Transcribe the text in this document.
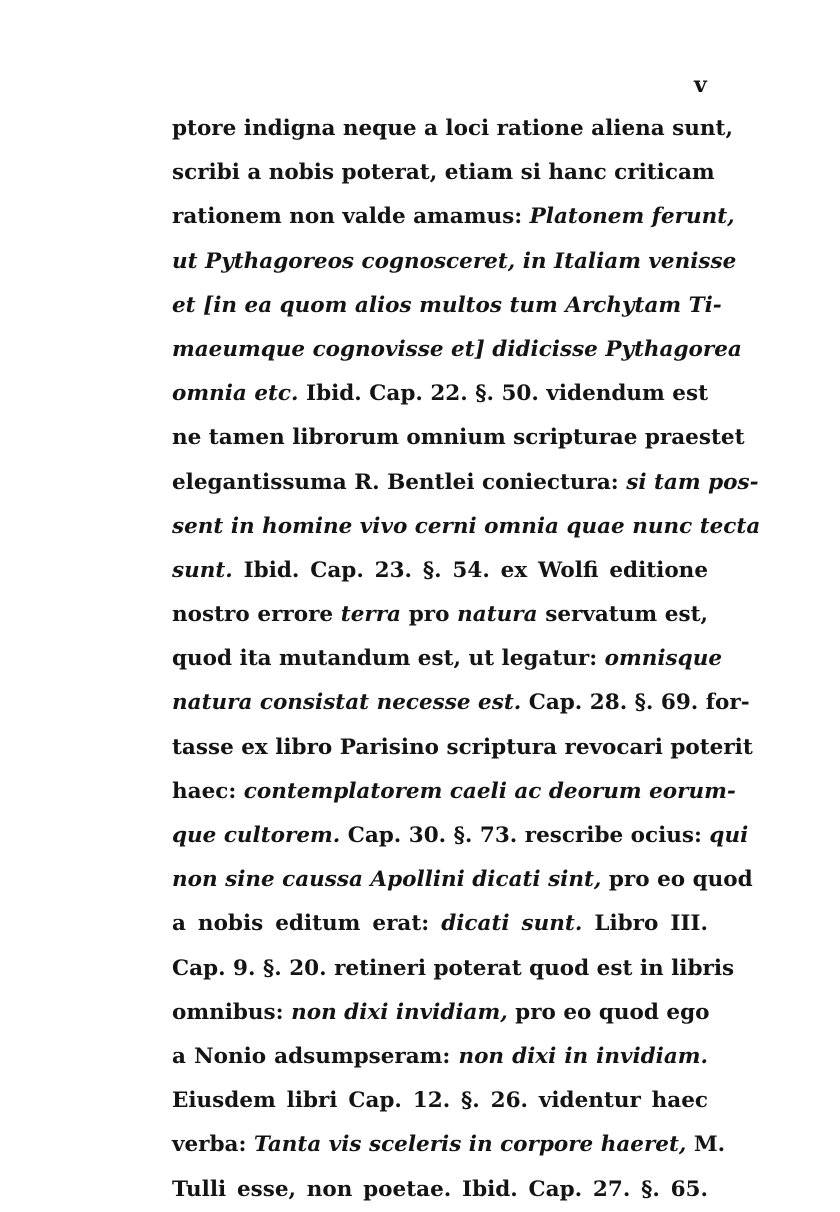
v
ptore indigna neque a loci ratione aliena sunt,
scribi a nobis poterat, etiam si hanc criticam
rationem non valde amamus: Platonem ferunt,
ut Pythagoreos cognosceret, in Italiam venisse
et [in ea quom alios multos tum Archytam Ti-
maeumque cognovisse et] didicisse Pythagorea
omnia etc. Ibid. Cap. 22. §. 50. videndum est
ne tamen librorum omnium scripturae praestet
elegantissuma R. Bentlei coniectura: si tam pos-
sent in homine vivo cerni omnia quae nunc tecta
sunt. Ibid. Cap. 23. §. 54. ex Wolfi editione
nostro errore terra pro natura servatum est,
quod ita mutandum est, ut legatur: omnisque
natura consistat necesse est. Cap. 28. §. 69. for-
tasse ex libro Parisino scriptura revocari poterit
haec: contemplatorem caeli ac deorum eorum-
que cultorem. Cap. 30. §. 73. rescribe ocius: qui
non sine caussa Apollini dicati sint, pro eo quod
a nobis editum erat: dicati sunt. Libro III.
Cap. 9. §. 20. retineri poterat quod est in libris
omnibus: non dixi invidiam, pro eo quod ego
a Nonio adsumpseram: non dixi in invidiam.
Eiusdem libri Cap. 12. §. 26. videntur haec
verba: Tanta vis sceleris in corpore haeret, M.
Tulli esse, non poetae. Ibid. Cap. 27. §. 65.
